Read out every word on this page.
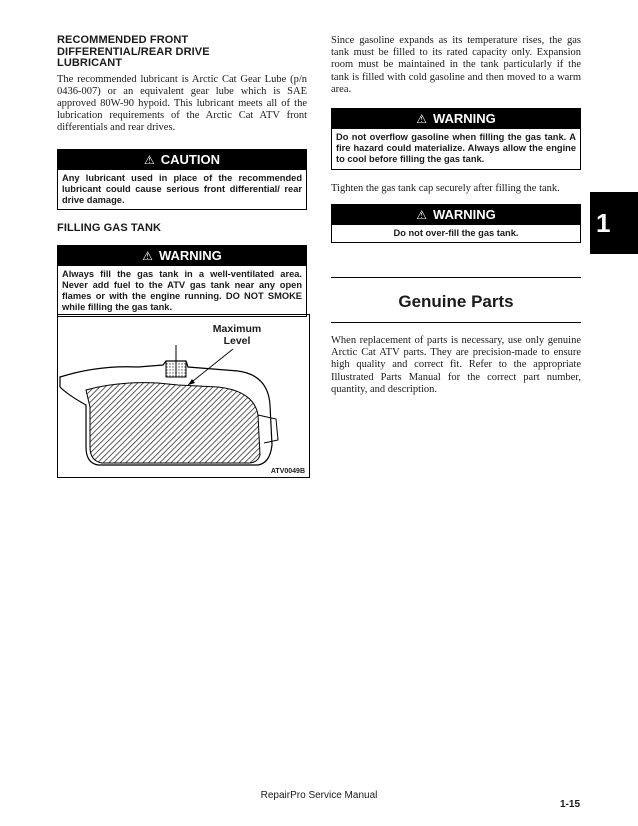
RECOMMENDED FRONT DIFFERENTIAL/REAR DRIVE LUBRICANT
The recommended lubricant is Arctic Cat Gear Lube (p/n 0436-007) or an equivalent gear lube which is SAE approved 80W-90 hypoid. This lubricant meets all of the lubrication requirements of the Arctic Cat ATV front differentials and rear drives.
⚠ CAUTION
Any lubricant used in place of the recommended lubricant could cause serious front differential/ rear drive damage.
FILLING GAS TANK
⚠ WARNING
Always fill the gas tank in a well-ventilated area. Never add fuel to the ATV gas tank near any open flames or with the engine running. DO NOT SMOKE while filling the gas tank.
Maximum
Level
ATV0049B
Since gasoline expands as its temperature rises, the gas tank must be filled to its rated capacity only. Expansion room must be maintained in the tank particularly if the tank is filled with cold gasoline and then moved to a warm area.
⚠ WARNING
Do not overflow gasoline when filling the gas tank. A fire hazard could materialize. Always allow the engine to cool before filling the gas tank.
Tighten the gas tank cap securely after filling the tank.
⚠ WARNING
Do not over-fill the gas tank.
Genuine Parts
When replacement of parts is necessary, use only genuine Arctic Cat ATV parts. They are precision-made to ensure high quality and correct fit. Refer to the appropriate Illustrated Parts Manual for the correct part number, quantity, and description.
1
RepairPro Service Manual
1-15
